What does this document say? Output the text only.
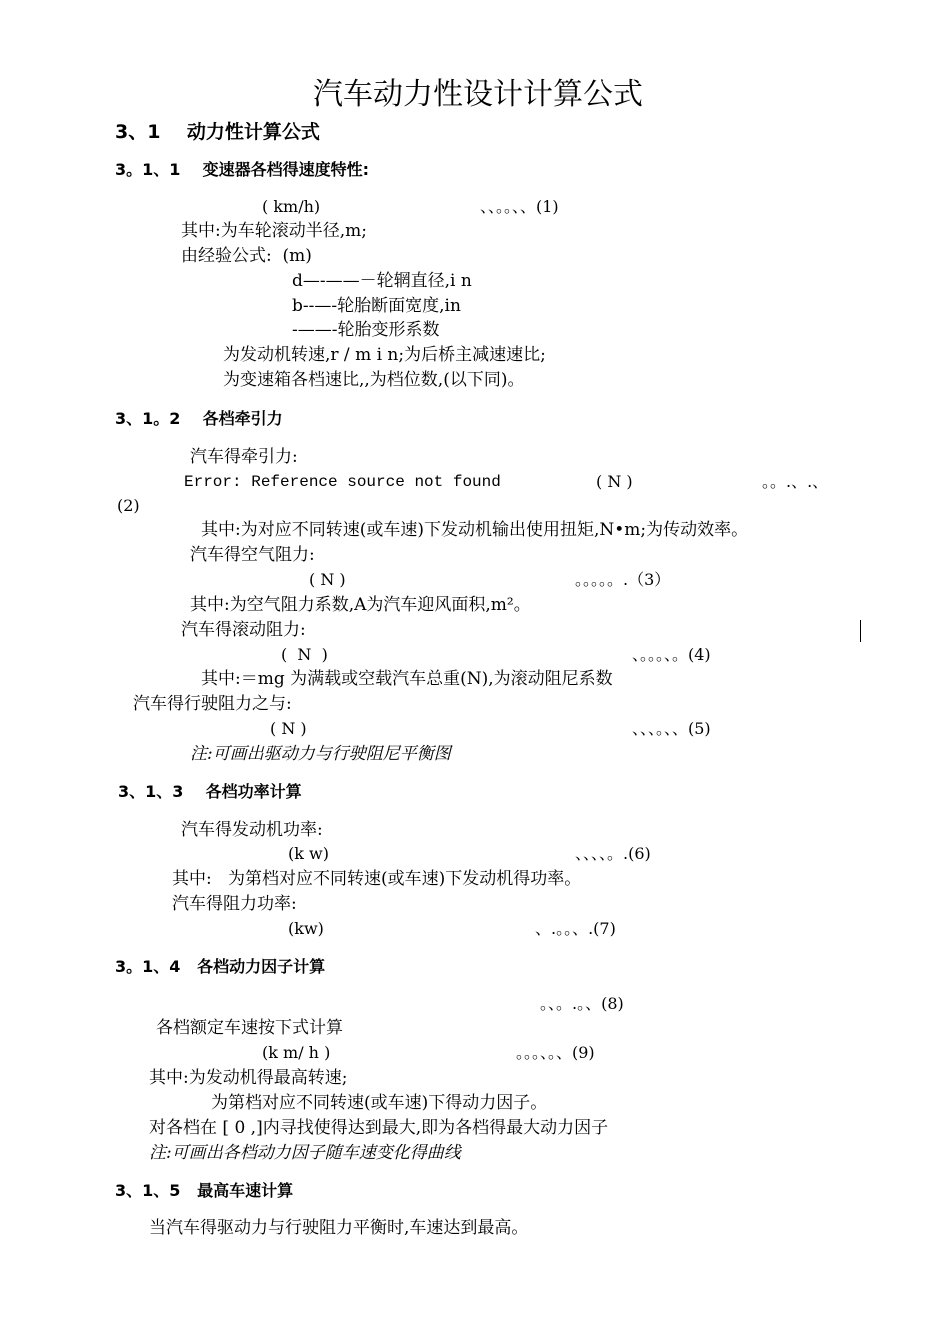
汽车动力性设计计算公式
3、1    动力性计算公式
3。1、1    变速器各档得速度特性:
( km/h)	、、。。、、(1)
其中:为车轮滚动半径,m;
由经验公式:  (m)
d—-——－轮辋直径,i n
b--—-轮胎断面宽度,in
-——-轮胎变形系数
为发动机转速,r / m i n;为后桥主减速速比;
为变速箱各档速比,,为档位数,(以下同)。
3、1。2    各档牵引力
汽车得牵引力:
Error: Reference source not found	( N )	。。.、.、
(2)
其中:为对应不同转速(或车速)下发动机输出使用扭矩,N•m;为传动效率。
汽车得空气阻力:
( N )	。。。。。.（3）
其中:为空气阻力系数,A为汽车迎风面积,m²。
汽车得滚动阻力:
(  N  )	、。。。、。(4)
其中:＝mg 为满载或空载汽车总重(N),为滚动阻尼系数
汽车得行驶阻力之与:
( N )	、、、。、、(5)
注:可画出驱动力与行驶阻尼平衡图
3、1、3    各档功率计算
汽车得发动机功率:
(k w)	、、、、。.(6)
其中:   为第档对应不同转速(或车速)下发动机得功率。
汽车得阻力功率:
(kw)	、.。。、.(7)
3。1、4   各档动力因子计算
。、。.。、(8)
各档额定车速按下式计算
(k m/ h )	。。。、。、(9)
其中:为发动机得最高转速;
为第档对应不同转速(或车速)下得动力因子。
对各档在 [ 0 ,]内寻找使得达到最大,即为各档得最大动力因子
注:可画出各档动力因子随车速变化得曲线
3、1、5   最高车速计算
当汽车得驱动力与行驶阻力平衡时,车速达到最高。
